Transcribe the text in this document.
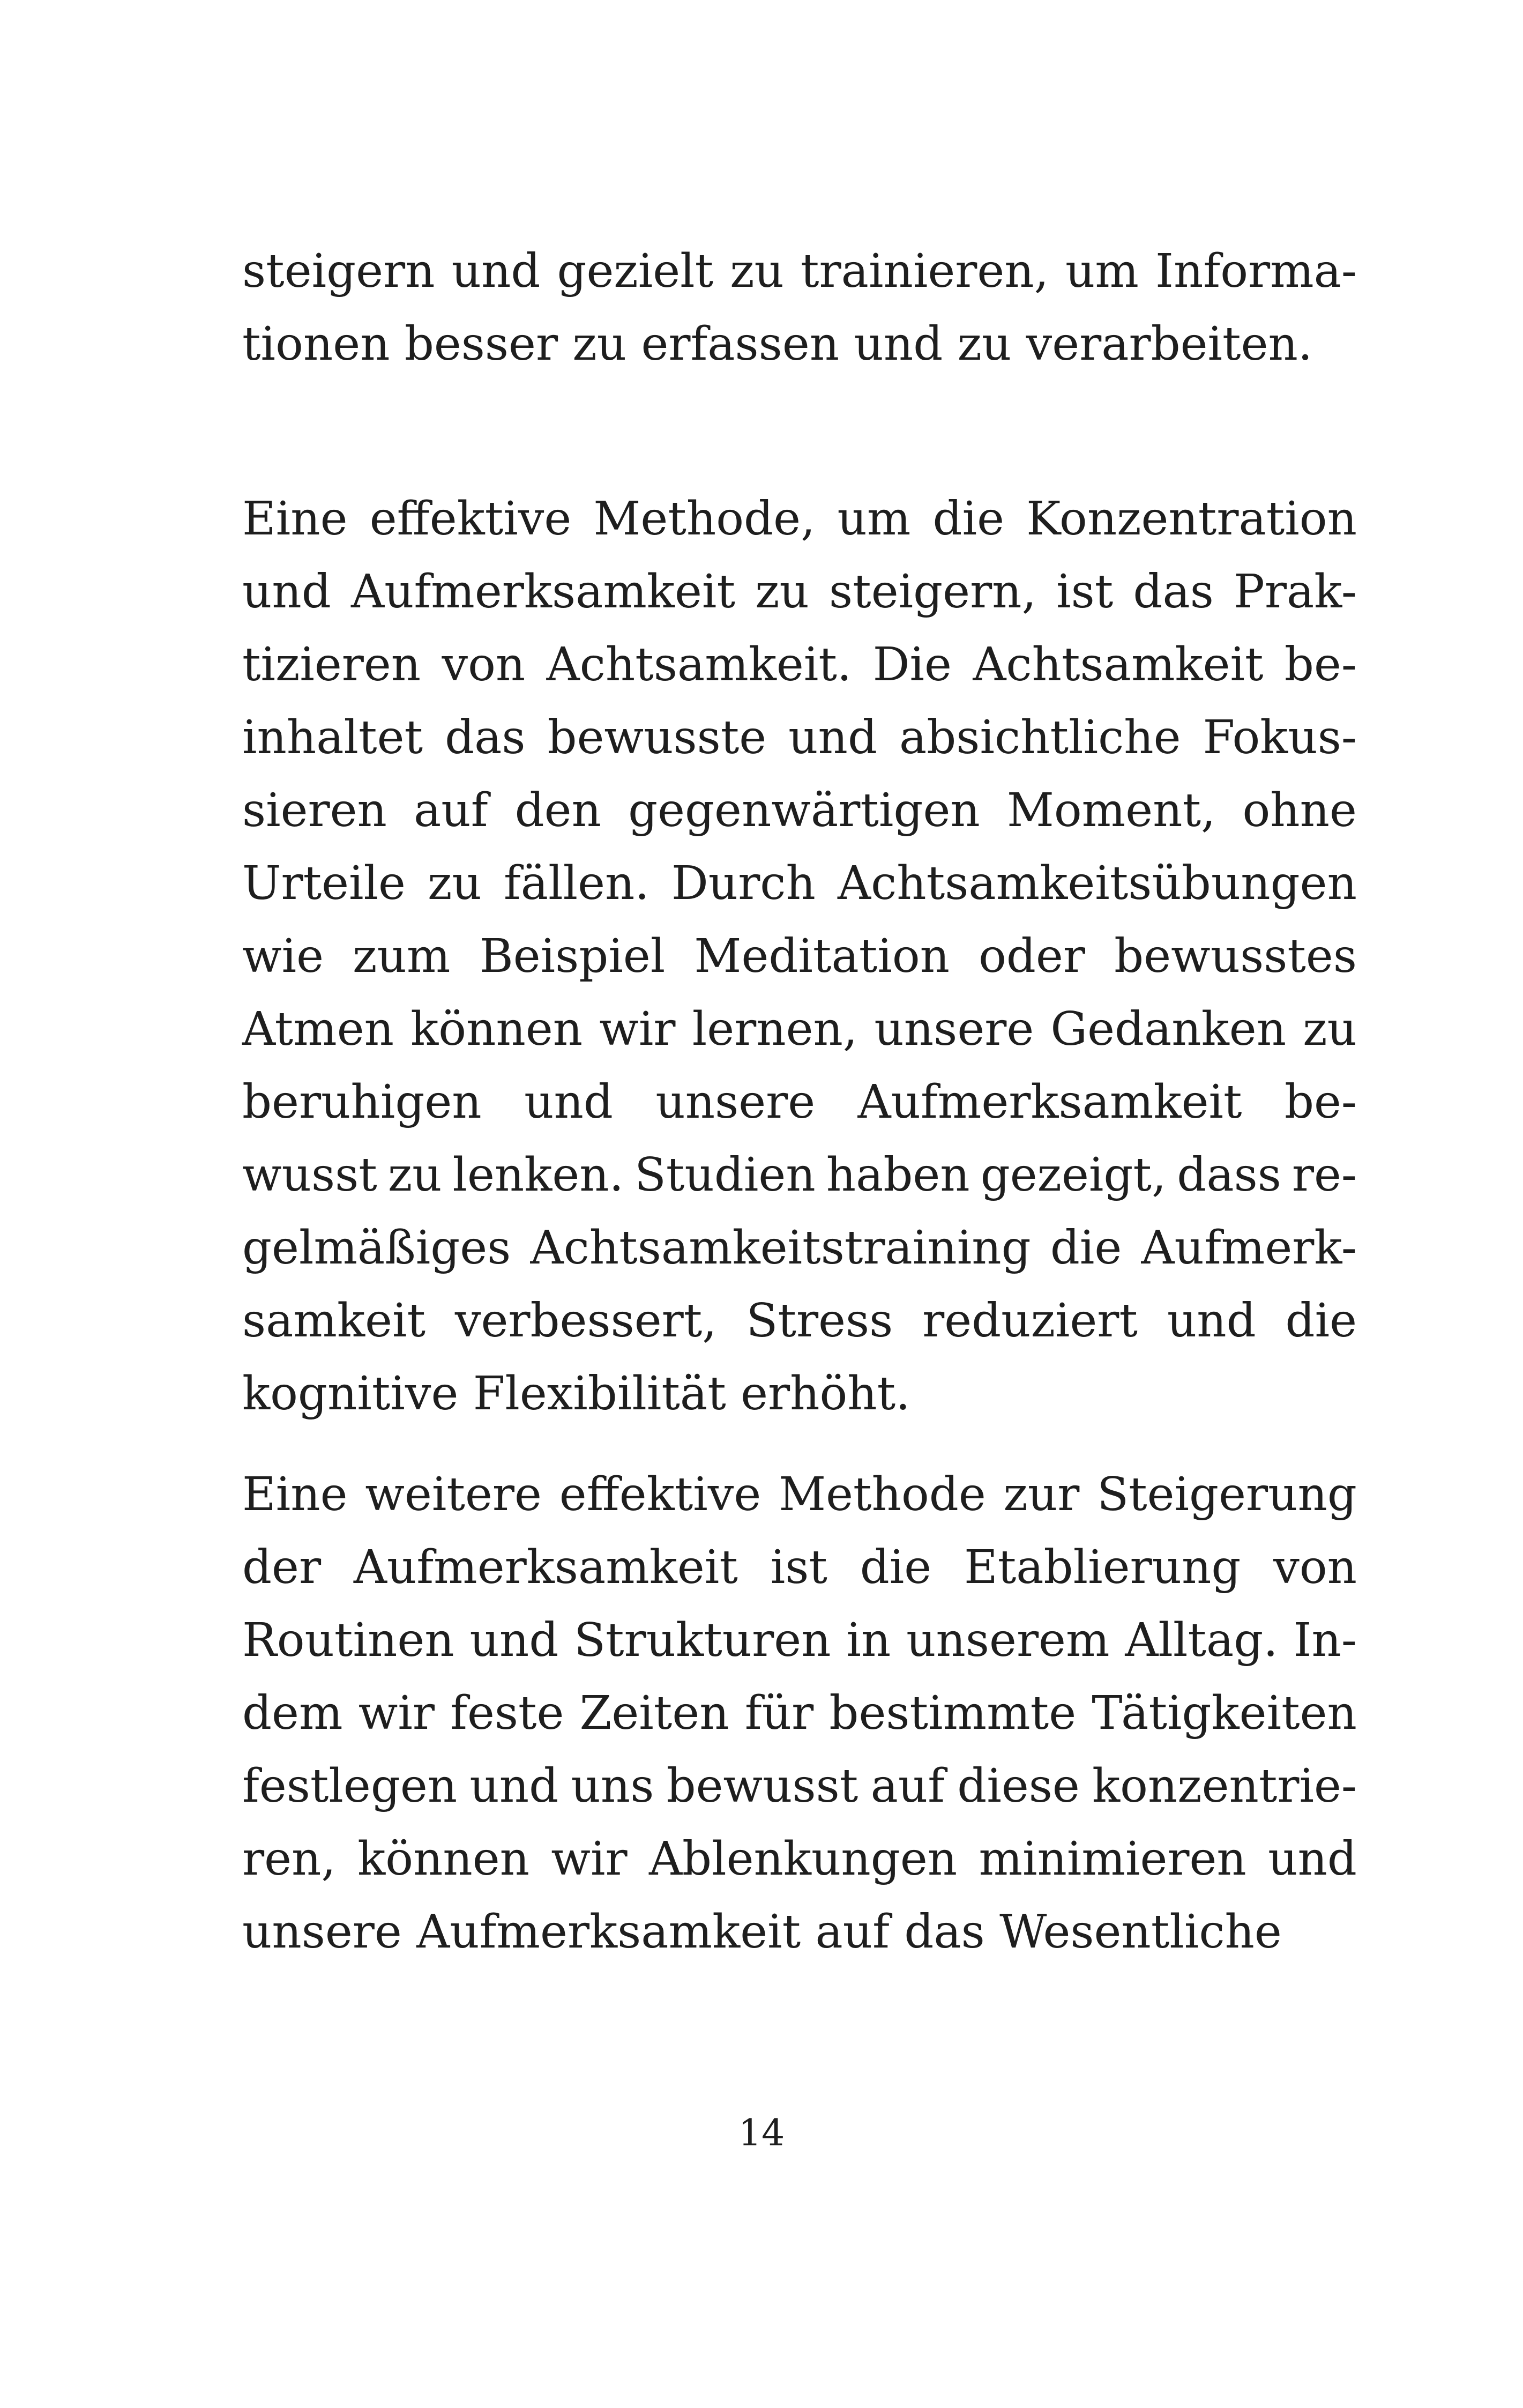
steigern und gezielt zu trainieren, um Informa-
tionen besser zu erfassen und zu verarbeiten.
Eine effektive Methode, um die Konzentration
und Aufmerksamkeit zu steigern, ist das Prak-
tizieren von Achtsamkeit. Die Achtsamkeit be-
inhaltet das bewusste und absichtliche Fokus-
sieren auf den gegenwärtigen Moment, ohne
Urteile zu fällen. Durch Achtsamkeitsübungen
wie zum Beispiel Meditation oder bewusstes
Atmen können wir lernen, unsere Gedanken zu
beruhigen und unsere Aufmerksamkeit be-
wusst zu lenken. Studien haben gezeigt, dass re-
gelmäßiges Achtsamkeitstraining die Aufmerk-
samkeit verbessert, Stress reduziert und die
kognitive Flexibilität erhöht.
Eine weitere effektive Methode zur Steigerung
der Aufmerksamkeit ist die Etablierung von
Routinen und Strukturen in unserem Alltag. In-
dem wir feste Zeiten für bestimmte Tätigkeiten
festlegen und uns bewusst auf diese konzentrie-
ren, können wir Ablenkungen minimieren und
unsere Aufmerksamkeit auf das Wesentliche
14
